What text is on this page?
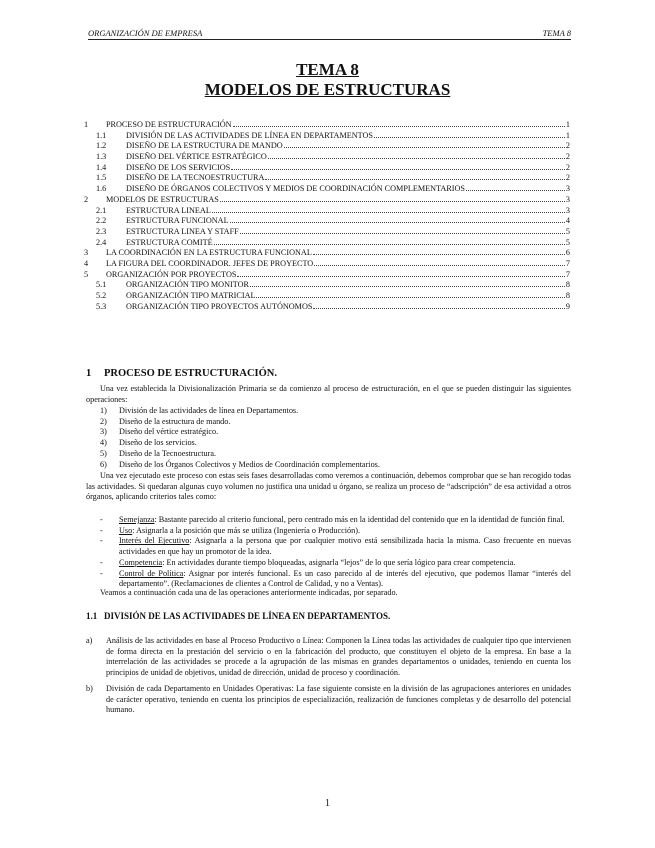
ORGANIZACIÓN DE EMPRESA	TEMA 8
TEMA 8
MODELOS DE ESTRUCTURAS
1	PROCESO DE ESTRUCTURACIÓN	1
1.1	DIVISIÓN DE LAS ACTIVIDADES DE LÍNEA EN DEPARTAMENTOS	1
1.2	DISEÑO DE LA ESTRUCTURA DE MANDO	2
1.3	DISEÑO DEL VÉRTICE ESTRATÉGICO	2
1.4	DISEÑO DE LOS SERVICIOS	2
1.5	DISEÑO DE LA TECNOESTRUCTURA	2
1.6	DISEÑO DE ÓRGANOS COLECTIVOS Y MEDIOS DE COORDINACIÓN COMPLEMENTARIOS	3
2	MODELOS DE ESTRUCTURAS	3
2.1	ESTRUCTURA LINEAL	3
2.2	ESTRUCTURA FUNCIONAL	4
2.3	ESTRUCTURA LINEA Y STAFF	5
2.4	ESTRUCTURA COMITÉ	5
3	LA COORDINACIÓN EN LA ESTRUCTURA FUNCIONAL	6
4	LA FIGURA DEL COORDINADOR. JEFES DE PROYECTO	7
5	ORGANIZACIÓN POR PROYECTOS	7
5.1	ORGANIZACIÓN TIPO MONITOR	8
5.2	ORGANIZACIÓN TIPO MATRICIAL	8
5.3	ORGANIZACIÓN TIPO PROYECTOS AUTÓNOMOS	9
1 PROCESO DE ESTRUCTURACIÓN.
Una vez establecida la Divisionalización Primaria se da comienzo al proceso de estructuración, en el que se pueden distinguir las siguientes operaciones:
1)	División de las actividades de línea en Departamentos.
2)	Diseño de la estructura de mando.
3)	Diseño del vértice estratégico.
4)	Diseño de los servicios.
5)	Diseño de la Tecnoestructura.
6)	Diseño de los Órganos Colectivos y Medios de Coordinación complementarios.
Una vez ejecutado este proceso con estas seis fases desarrolladas como veremos a continuación, debemos comprobar que se han recogido todas las actividades. Si quedaran algunas cuyo volumen no justifica una unidad u órgano, se realiza un proceso de “adscripción” de esa actividad a otros órganos, aplicando criterios tales como:
-	Semejanza: Bastante parecido al criterio funcional, pero centrado más en la identidad del contenido que en la identidad de función final.
-	Uso: Asignarla a la posición que más se utiliza (Ingeniería o Producción).
-	Interés del Ejecutivo: Asignarla a la persona que por cualquier motivo está sensibilizada hacia la misma. Caso frecuente en nuevas actividades en que hay un promotor de la idea.
-	Competencia: En actividades durante tiempo bloqueadas, asignarla “lejos” de lo que sería lógico para crear competencia.
-	Control de Política: Asignar por interés funcional. Es un caso parecido al de interés del ejecutivo, que podemos llamar “interés del departamento”. (Reclamaciones de clientes a Control de Calidad, y no a Ventas).
Veamos a continuación cada una de las operaciones anteriormente indicadas, por separado.
1.1 DIVISIÓN DE LAS ACTIVIDADES DE LÍNEA EN DEPARTAMENTOS.
a)	Análisis de las actividades en base al Proceso Productivo o Línea: Componen la Línea todas las actividades de cualquier tipo que intervienen de forma directa en la prestación del servicio o en la fabricación del producto, que constituyen el objeto de la empresa. En base a la interrelación de las actividades se procede a la agrupación de las mismas en grandes departamentos o unidades, teniendo en cuenta los principios de unidad de objetivos, unidad de dirección, unidad de proceso y coordinación.
b)	División de cada Departamento en Unidades Operativas: La fase siguiente consiste en la división de las agrupaciones anteriores en unidades de carácter operativo, teniendo en cuenta los principios de especialización, realización de funciones completas y de desarrollo del potencial humano.
1
